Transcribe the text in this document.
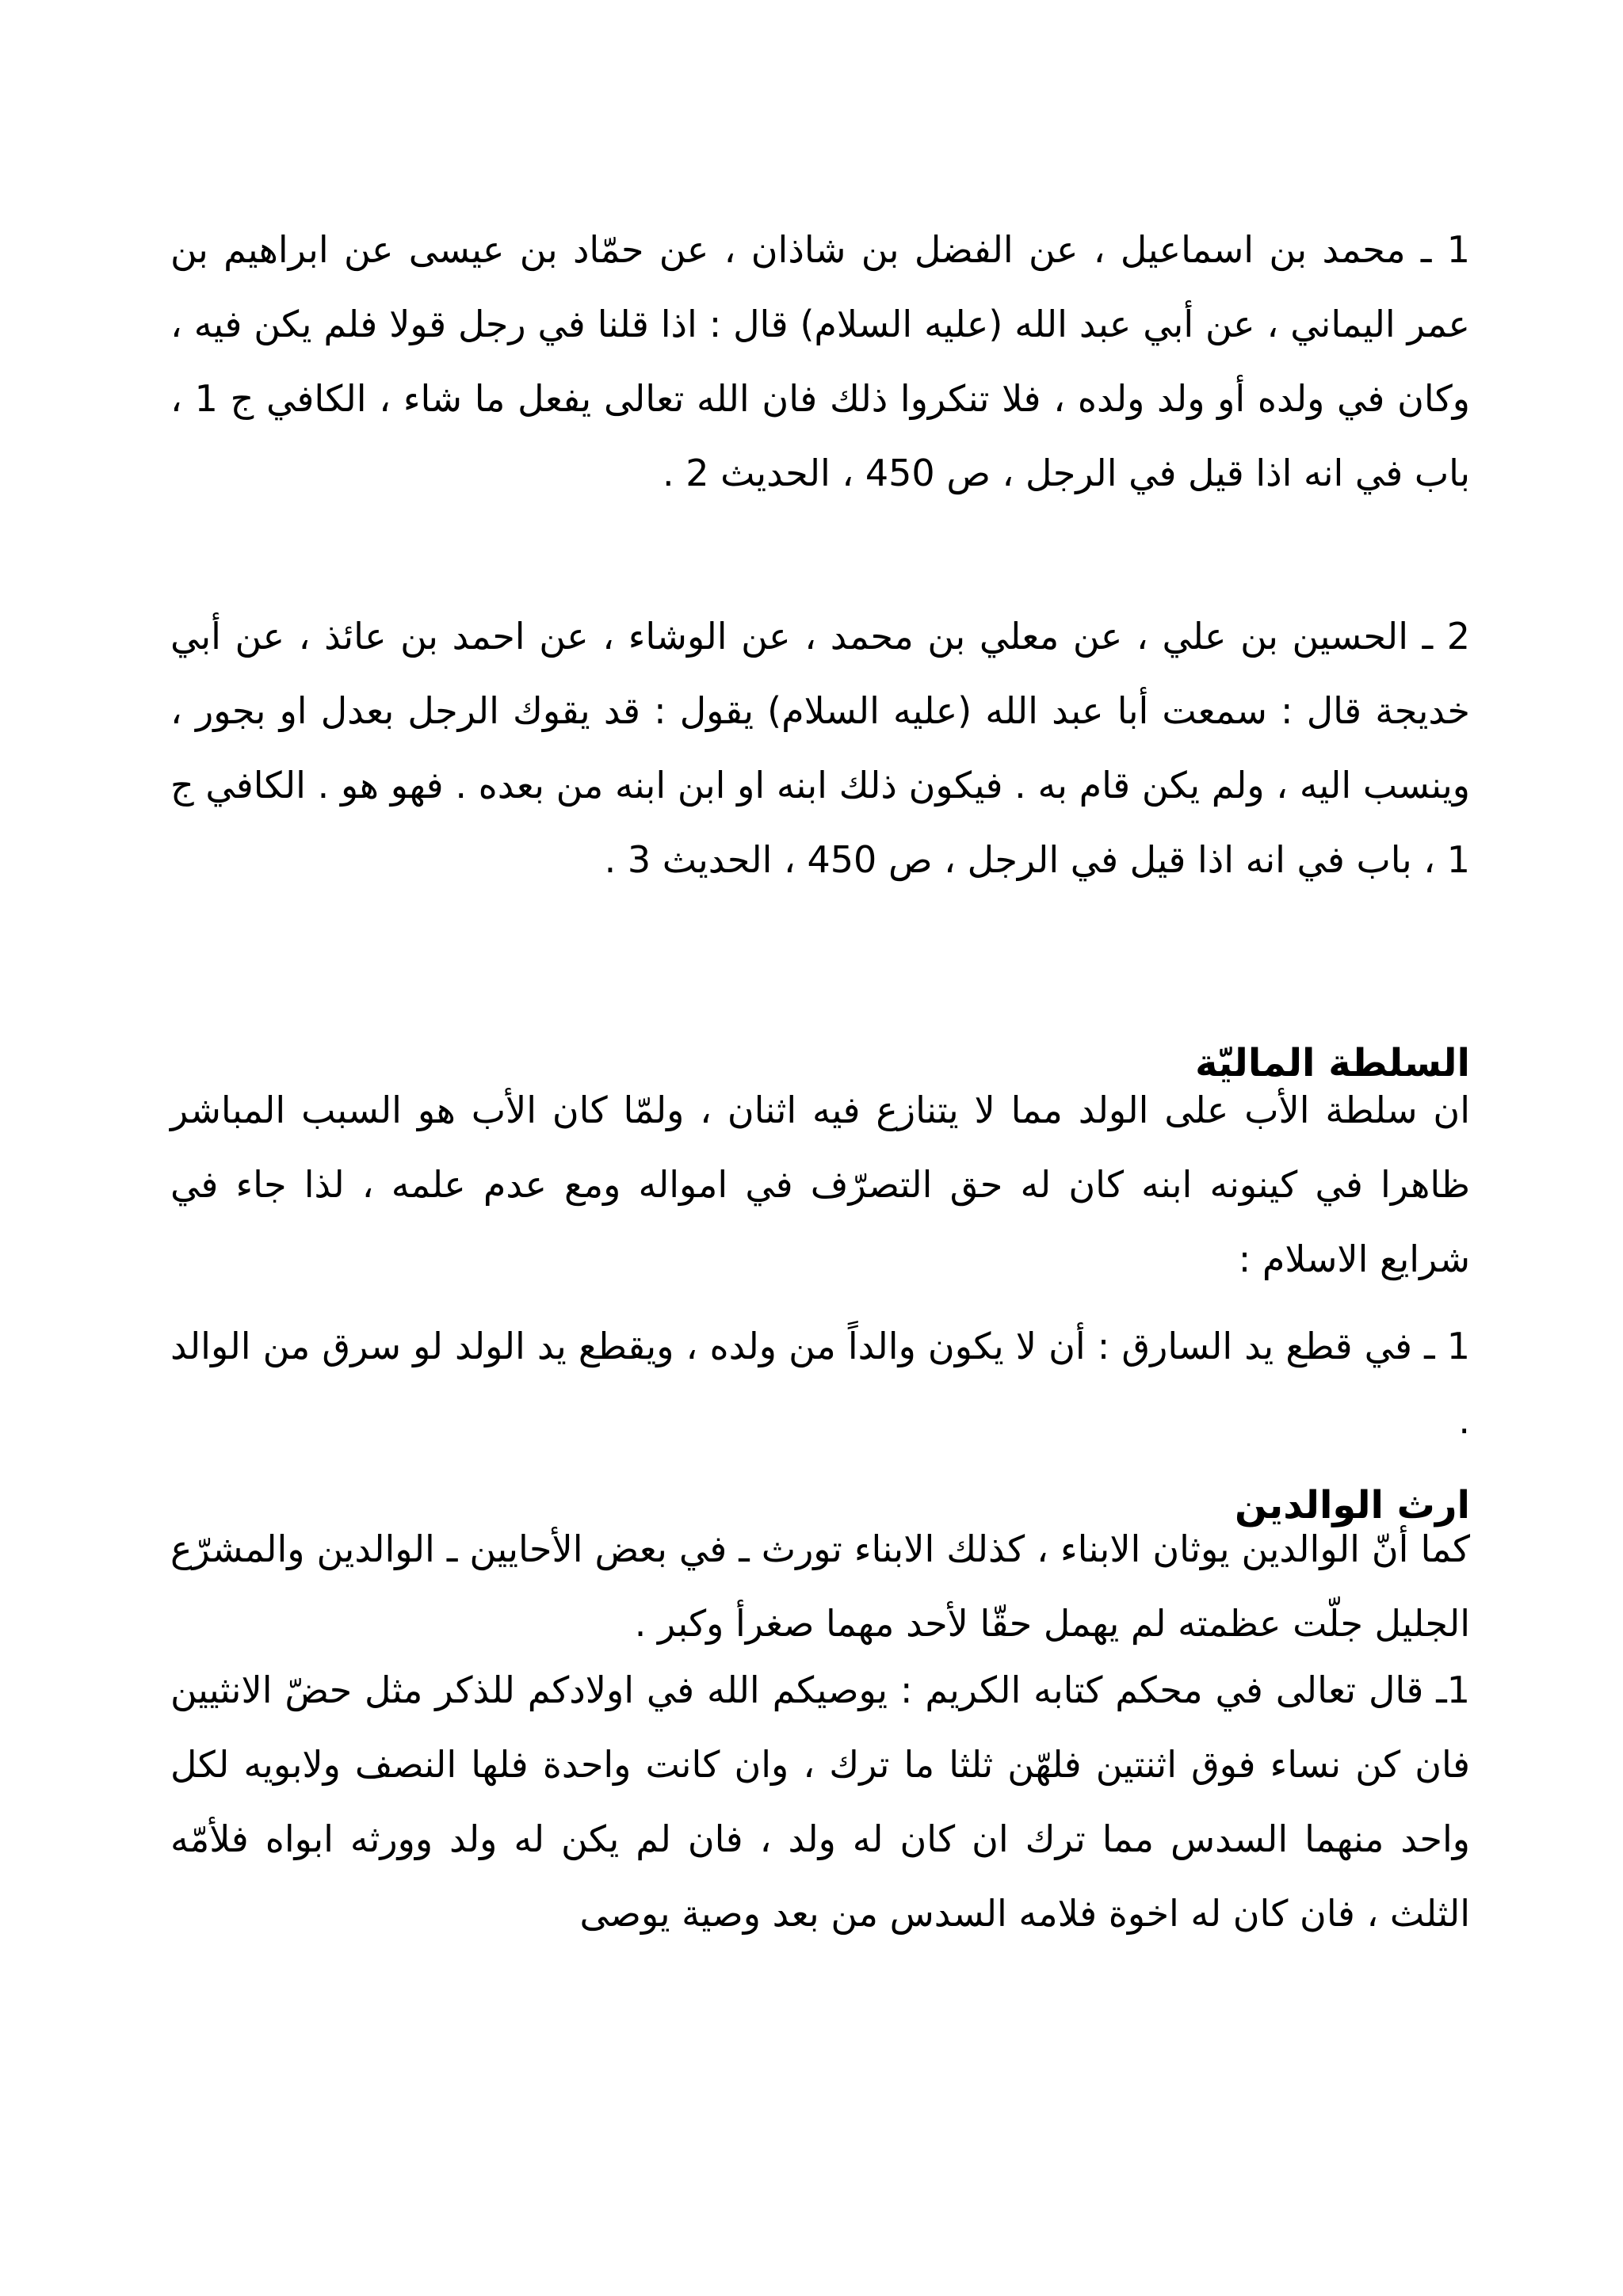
1 ـ محمد بن اسماعيل ، عن الفضل بن شاذان ، عن حمّاد بن عيسى عن ابراهيم بن عمر اليماني ، عن أبي عبد الله (عليه السلام) قال : اذا قلنا في رجل قولا فلم يكن فيه ، وكان في ولده أو ولد ولده ، فلا تنكروا ذلك فان الله تعالى يفعل ما شاء ، الكافي ج 1 ، باب في انه اذا قيل في الرجل ، ص 450 ، الحديث 2 .
2 ـ الحسين بن علي ، عن معلي بن محمد ، عن الوشاء ، عن احمد بن عائذ ، عن أبي خديجة قال : سمعت أبا عبد الله (عليه السلام) يقول : قد يقوك الرجل بعدل او بجور ، وينسب اليه ، ولم يكن قام به . فيكون ذلك ابنه او ابن ابنه من بعده . فهو هو . الكافي ج 1 ، باب في انه اذا قيل في الرجل ، ص 450 ، الحديث 3 .
السلطة الماليّة
ان سلطة الأب على الولد مما لا يتنازع فيه اثنان ، ولمّا كان الأب هو السبب المباشر ظاهرا في كينونه ابنه كان له حق التصرّف في امواله ومع عدم علمه ، لذا جاء في شرايع الاسلام :
1 ـ في قطع يد السارق : أن لا يكون والداً من ولده ، ويقطع يد الولد لو سرق من الوالد .
ارث الوالدين
كما أنّ الوالدين يوثان الابناء ، كذلك الابناء تورث ـ في بعض الأحايين ـ الوالدين والمشرّع الجليل جلّت عظمته لم يهمل حقّا لأحد مهما صغرأ وكبر .
1ـ قال تعالى في محكم كتابه الكريم : يوصيكم الله في اولادكم للذكر مثل حضّ الانثيين فان كن نساء فوق اثنتين فلهّن ثلثا ما ترك ، وان كانت واحدة فلها النصف ولابويه لكل واحد منهما السدس مما ترك ان كان له ولد ، فان لم يكن له ولد وورثه ابواه فلأمّه الثلث ، فان كان له اخوة فلامه السدس من بعد وصية يوصى
